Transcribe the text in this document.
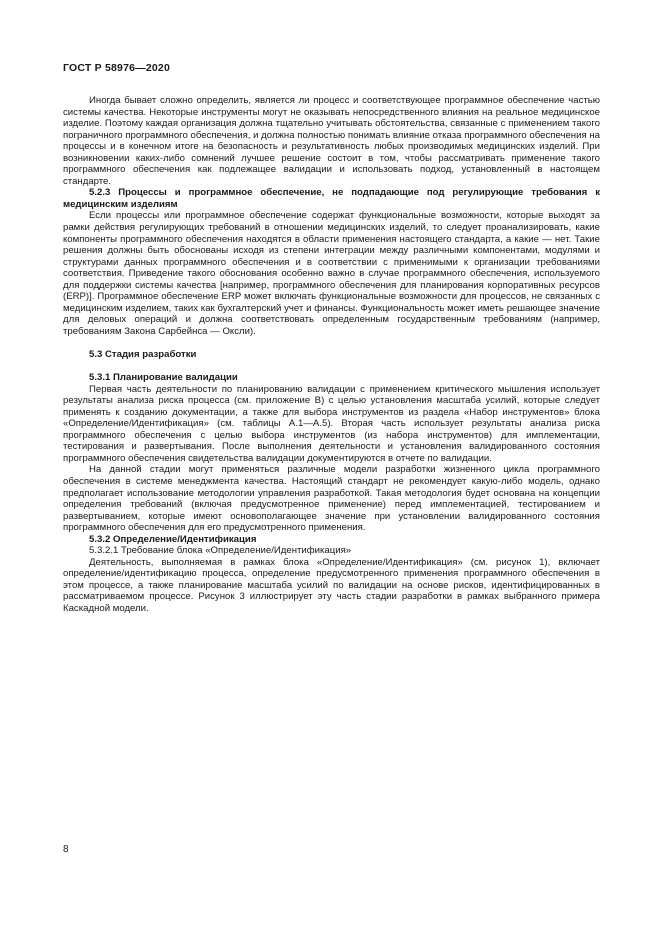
ГОСТ Р 58976—2020

Иногда бывает сложно определить, является ли процесс и соответствующее программное обеспечение частью системы качества. Некоторые инструменты могут не оказывать непосредственного влияния на реальное медицинское изделие. Поэтому каждая организация должна тщательно учитывать обстоятельства, связанные с применением такого пограничного программного обеспечения, и должна полностью понимать влияние отказа программного обеспечения на процессы и в конечном итоге на безопасность и результативность любых производимых медицинских изделий. При возникновении каких-либо сомнений лучшее решение состоит в том, чтобы рассматривать применение такого программного обеспечения как подлежащее валидации и использовать подход, установленный в настоящем стандарте.

5.2.3 Процессы и программное обеспечение, не подпадающие под регулирующие требования к медицинским изделиям

Если процессы или программное обеспечение содержат функциональные возможности, которые выходят за рамки действия регулирующих требований в отношении медицинских изделий, то следует проанализировать, какие компоненты программного обеспечения находятся в области применения настоящего стандарта, а какие — нет. Такие решения должны быть обоснованы исходя из степени интеграции между различными компонентами, модулями и структурами данных программного обеспечения и в соответствии с применимыми к организации требованиями соответствия. Приведение такого обоснования особенно важно в случае программного обеспечения, используемого для поддержки системы качества [например, программного обеспечения для планирования корпоративных ресурсов (ERP)]. Программное обеспечение ERP может включать функциональные возможности для процессов, не связанных с медицинским изделием, таких как бухгалтерский учет и финансы. Функциональность может иметь решающее значение для деловых операций и должна соответствовать определенным государственным требованиям (например, требованиям Закона Сарбейнса — Оксли).

5.3 Стадия разработки

5.3.1 Планирование валидации

Первая часть деятельности по планированию валидации с применением критического мышления использует результаты анализа риска процесса (см. приложение В) с целью установления масштаба усилий, которые следует применять к созданию документации, а также для выбора инструментов из раздела «Набор инструментов» блока «Определение/Идентификация» (см. таблицы А.1—А.5). Вторая часть использует результаты анализа риска программного обеспечения с целью выбора инструментов (из набора инструментов) для имплементации, тестирования и развертывания. После выполнения деятельности и установления валидированного состояния программного обеспечения свидетельства валидации документируются в отчете по валидации.

На данной стадии могут применяться различные модели разработки жизненного цикла программного обеспечения в системе менеджмента качества. Настоящий стандарт не рекомендует какую-либо модель, однако предполагает использование методологии управления разработкой. Такая методология будет основана на концепции определения требований (включая предусмотренное применение) перед имплементацией, тестированием и развертыванием, которые имеют основополагающее значение при установлении валидированного состояния программного обеспечения для его предусмотренного применения.

5.3.2 Определение/Идентификация

5.3.2.1 Требование блока «Определение/Идентификация»

Деятельность, выполняемая в рамках блока «Определение/Идентификация» (см. рисунок 1), включает определение/идентификацию процесса, определение предусмотренного применения программного обеспечения в этом процессе, а также планирование масштаба усилий по валидации на основе рисков, идентифицированных в рассматриваемом процессе. Рисунок 3 иллюстрирует эту часть стадии разработки в рамках выбранного примера Каскадной модели.

8
